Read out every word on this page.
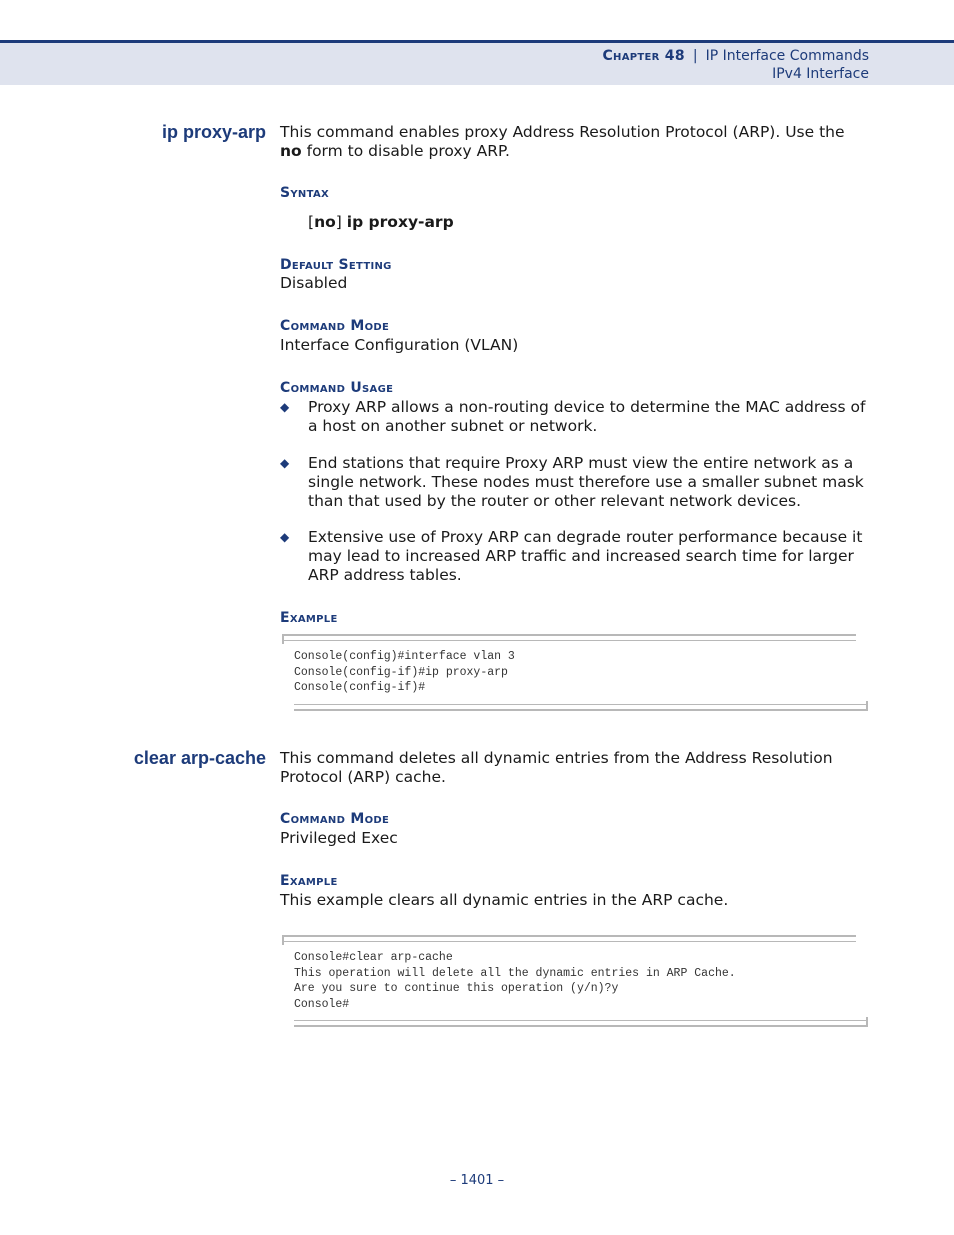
Chapter 48 | IP Interface Commands
IPv4 Interface
ip proxy-arp This command enables proxy Address Resolution Protocol (ARP). Use the no form to disable proxy ARP.
Syntax
[no] ip proxy-arp
Default Setting
Disabled
Command Mode
Interface Configuration (VLAN)
Command Usage
◆ Proxy ARP allows a non-routing device to determine the MAC address of a host on another subnet or network.
◆ End stations that require Proxy ARP must view the entire network as a single network. These nodes must therefore use a smaller subnet mask than that used by the router or other relevant network devices.
◆ Extensive use of Proxy ARP can degrade router performance because it may lead to increased ARP traffic and increased search time for larger ARP address tables.
Example
Console(config)#interface vlan 3
Console(config-if)#ip proxy-arp
Console(config-if)#
clear arp-cache This command deletes all dynamic entries from the Address Resolution Protocol (ARP) cache.
Command Mode
Privileged Exec
Example
This example clears all dynamic entries in the ARP cache.
Console#clear arp-cache
This operation will delete all the dynamic entries in ARP Cache.
Are you sure to continue this operation (y/n)?y
Console#
– 1401 –
